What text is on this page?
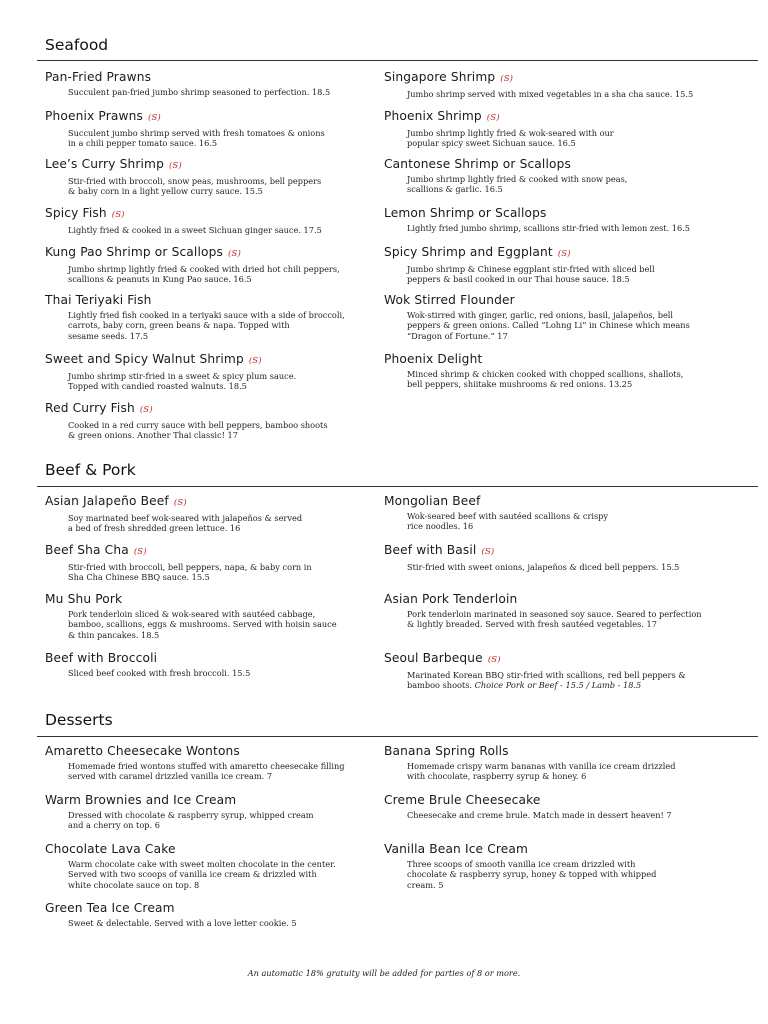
Seafood
Pan-Fried Prawns
Succulent pan-fried jumbo shrimp seasoned to perfection. 18.5
Phoenix Prawns (S)
Succulent jumbo shrimp served with fresh tomatoes & onions
in a chili pepper tomato sauce. 16.5
Lee’s Curry Shrimp (S)
Stir-fried with broccoli, snow peas, mushrooms, bell peppers
& baby corn in a light yellow curry sauce. 15.5
Spicy Fish (S)
Lightly fried & cooked in a sweet Sichuan ginger sauce. 17.5
Kung Pao Shrimp or Scallops (S)
Jumbo shrimp lightly fried & cooked with dried hot chili peppers,
scallions & peanuts in Kung Pao sauce. 16.5
Thai Teriyaki Fish
Lightly fried fish cooked in a teriyaki sauce with a side of broccoli,
carrots, baby corn, green beans & napa. Topped with
sesame seeds. 17.5
Sweet and Spicy Walnut Shrimp (S)
Jumbo shrimp stir-fried in a sweet & spicy plum sauce.
Topped with candied roasted walnuts. 18.5
Red Curry Fish (S)
Cooked in a red curry sauce with bell peppers, bamboo shoots
& green onions. Another Thai classic! 17
Singapore Shrimp (S)
Jumbo shrimp served with mixed vegetables in a sha cha sauce. 15.5
Phoenix Shrimp (S)
Jumbo shrimp lightly fried & wok-seared with our
popular spicy sweet Sichuan sauce. 16.5
Cantonese Shrimp or Scallops
Jumbo shrimp lightly fried & cooked with snow peas,
scallions & garlic. 16.5
Lemon Shrimp or Scallops
Lightly fried jumbo shrimp, scallions stir-fried with lemon zest. 16.5
Spicy Shrimp and Eggplant (S)
Jumbo shrimp & Chinese eggplant stir-fried with sliced bell
peppers & basil cooked in our Thai house sauce. 18.5
Wok Stirred Flounder
Wok-stirred with ginger, garlic, red onions, basil, jalapeños, bell
peppers & green onions. Called “Lohng Li” in Chinese which means
“Dragon of Fortune.” 17
Phoenix Delight
Minced shrimp & chicken cooked with chopped scallions, shallots,
bell peppers, shiitake mushrooms & red onions. 13.25
Beef & Pork
Asian Jalapeño Beef (S)
Soy marinated beef wok-seared with jalapeños & served
a bed of fresh shredded green lettuce. 16
Beef Sha Cha (S)
Stir-fried with broccoli, bell peppers, napa, & baby corn in
Sha Cha Chinese BBQ sauce. 15.5
Mu Shu Pork
Pork tenderloin sliced & wok-seared with sautéed cabbage,
bamboo, scallions, eggs & mushrooms. Served with hoisin sauce
& thin pancakes. 18.5
Beef with Broccoli
Sliced beef cooked with fresh broccoli. 15.5
Mongolian Beef
Wok-seared beef with sautéed scallions & crispy
rice noodles. 16
Beef with Basil (S)
Stir-fried with sweet onions, jalapeños & diced bell peppers. 15.5
Asian Pork Tenderloin
Pork tenderloin marinated in seasoned soy sauce. Seared to perfection
& lightly breaded. Served with fresh sautéed vegetables. 17
Seoul Barbeque (S)
Marinated Korean BBQ stir-fried with scallions, red bell peppers &
bamboo shoots. Choice Pork or Beef - 15.5 / Lamb - 18.5
Desserts
Amaretto Cheesecake Wontons
Homemade fried wontons stuffed with amaretto cheesecake filling
served with caramel drizzled vanilla ice cream. 7
Warm Brownies and Ice Cream
Dressed with chocolate & raspberry syrup, whipped cream
and a cherry on top. 6
Chocolate Lava Cake
Warm chocolate cake with sweet molten chocolate in the center.
Served with two scoops of vanilla ice cream & drizzled with
white chocolate sauce on top. 8
Green Tea Ice Cream
Sweet & delectable. Served with a love letter cookie. 5
Banana Spring Rolls
Homemade crispy warm bananas with vanilla ice cream drizzled
with chocolate, raspberry syrup & honey. 6
Creme Brule Cheesecake
Cheesecake and creme brule. Match made in dessert heaven! 7
Vanilla Bean Ice Cream
Three scoops of smooth vanilla ice cream drizzled with
chocolate & raspberry syrup, honey & topped with whipped
cream. 5
An automatic 18% gratuity will be added for parties of 8 or more.
